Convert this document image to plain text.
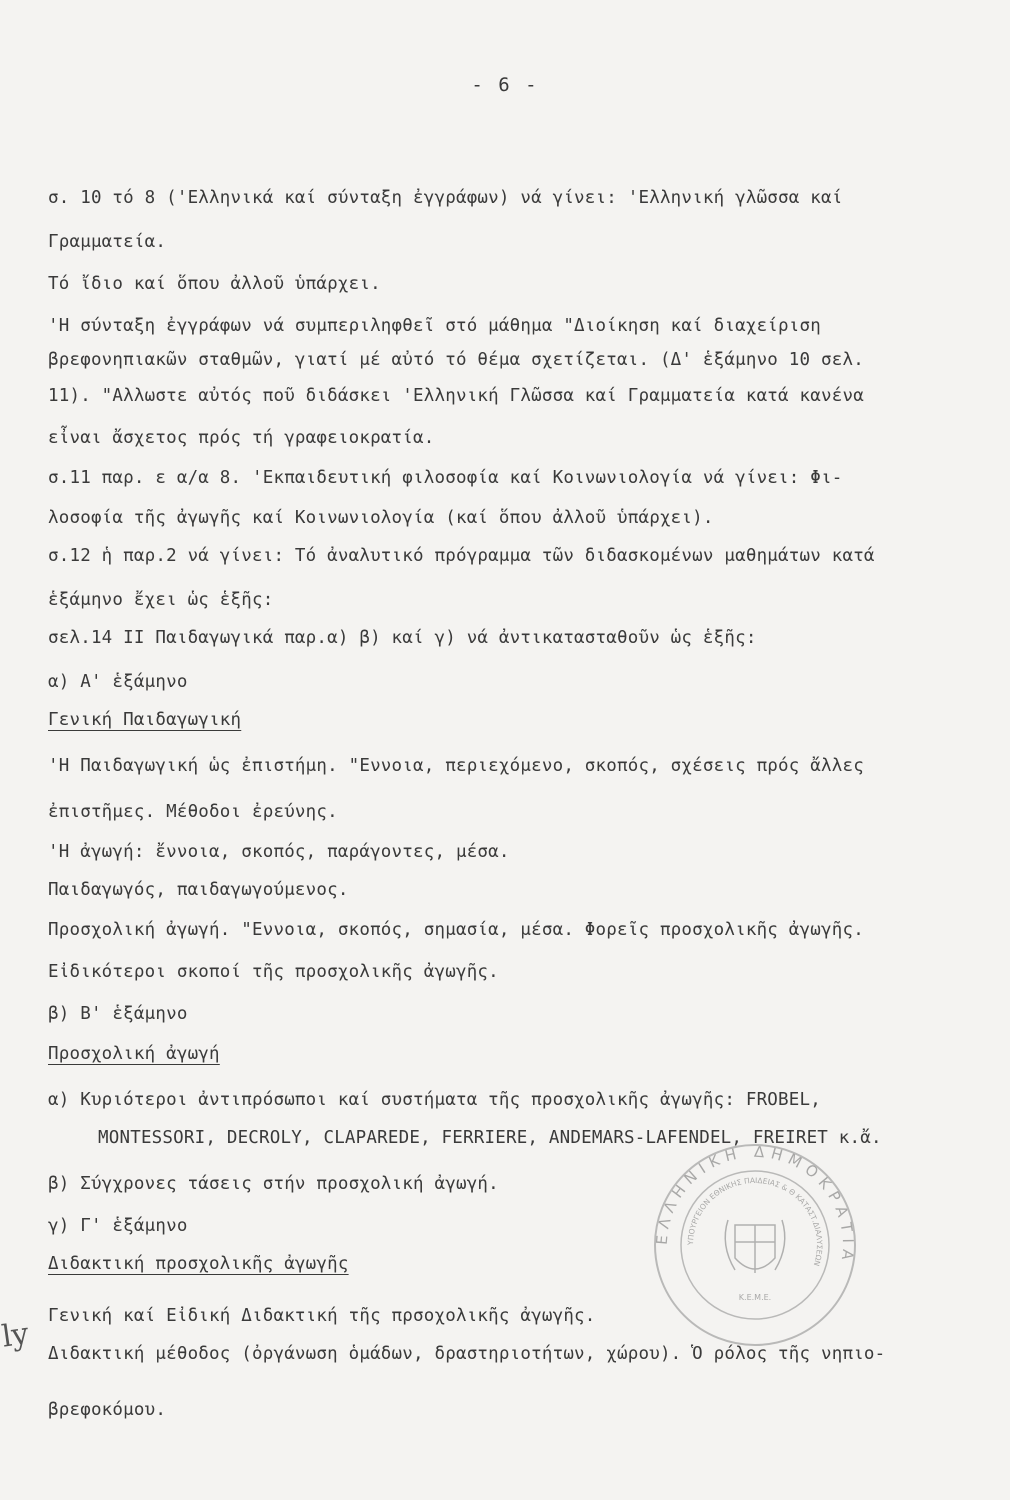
- 6 -
σ. 10 τό 8 ('Ελληνικά καί σύνταξη ἐγγράφων) νά γίνει: 'Ελληνική γλῶσσα καί
Γραμματεία.
Τό ἴδιο καί ὅπου ἀλλοῦ ὑπάρχει.
'Η σύνταξη ἐγγράφων νά συμπεριληφθεῖ στό μάθημα "Διοίκηση καί διαχείριση
βρεφονηπιακῶν σταθμῶν, γιατί μέ αὐτό τό θέμα σχετίζεται. (Δ' ἑξάμηνο 10 σελ.
11). "Αλλωστε αὐτός ποῦ διδάσκει 'Ελληνική Γλῶσσα καί Γραμματεία κατά κανένα
εἶναι ἄσχετος πρός τή γραφειοκρατία.
σ.11 παρ. ε α/α 8. 'Εκπαιδευτική φιλοσοφία καί Κοινωνιολογία νά γίνει: Φι-
λοσοφία τῆς ἀγωγῆς καί Κοινωνιολογία (καί ὅπου ἀλλοῦ ὑπάρχει).
σ.12 ἡ παρ.2 νά γίνει: Τό ἀναλυτικό πρόγραμμα τῶν διδασκομένων μαθημάτων κατά
ἑξάμηνο ἔχει ὡς ἑξῆς:
σελ.14 ΙΙ Παιδαγωγικά παρ.α) β) καί γ) νά ἀντικατασταθοῦν ὡς ἑξῆς:
α) Α' ἑξάμηνο
Γενική Παιδαγωγική
'Η Παιδαγωγική ὡς ἐπιστήμη. "Εννοια, περιεχόμενο, σκοπός, σχέσεις πρός ἄλλες
ἐπιστῆμες. Μέθοδοι ἐρεύνης.
'Η ἀγωγή: ἔννοια, σκοπός, παράγοντες, μέσα.
Παιδαγωγός, παιδαγωγούμενος.
Προσχολική ἀγωγή. "Εννοια, σκοπός, σημασία, μέσα. Φορεῖς προσχολικῆς ἀγωγῆς.
Εἰδικότεροι σκοποί τῆς προσχολικῆς ἀγωγῆς.
β) Β' ἑξάμηνο
Προσχολική ἀγωγή
α) Κυριότεροι ἀντιπρόσωποι καί συστήματα τῆς προσχολικῆς ἀγωγῆς: FROBEL,
MONTESSORI, DECROLY, CLAPAREDE, FERRIERE, ANDEMARS-LAFENDEL, FREIRET κ.ἄ.
β) Σύγχρονες τάσεις στήν προσχολική ἀγωγή.
γ) Γ' ἑξάμηνο
Διδακτική προσχολικῆς ἀγωγῆς
Γενική καί Εἰδική Διδακτική τῆς πρσοχολικῆς ἀγωγῆς.
Διδακτική μέθοδος (ὀργάνωση ὁμάδων, δραστηριοτήτων, χώρου). Ὁ ρόλος τῆς νηπιο-
βρεφοκόμου.
ly
ΕΛΛΗΝΙΚΗ ΔΗΜΟΚΡΑΤΙΑ
ΥΠΟΥΡΓΕΙΟΝ ΕΘΝΙΚΗΣ ΠΑΙΔΕΙΑΣ & Θ ΚΑΤΑΣΤ.ΔΙΑΛΥΣΕΩΝ
Κ.Ε.Μ.Ε.
